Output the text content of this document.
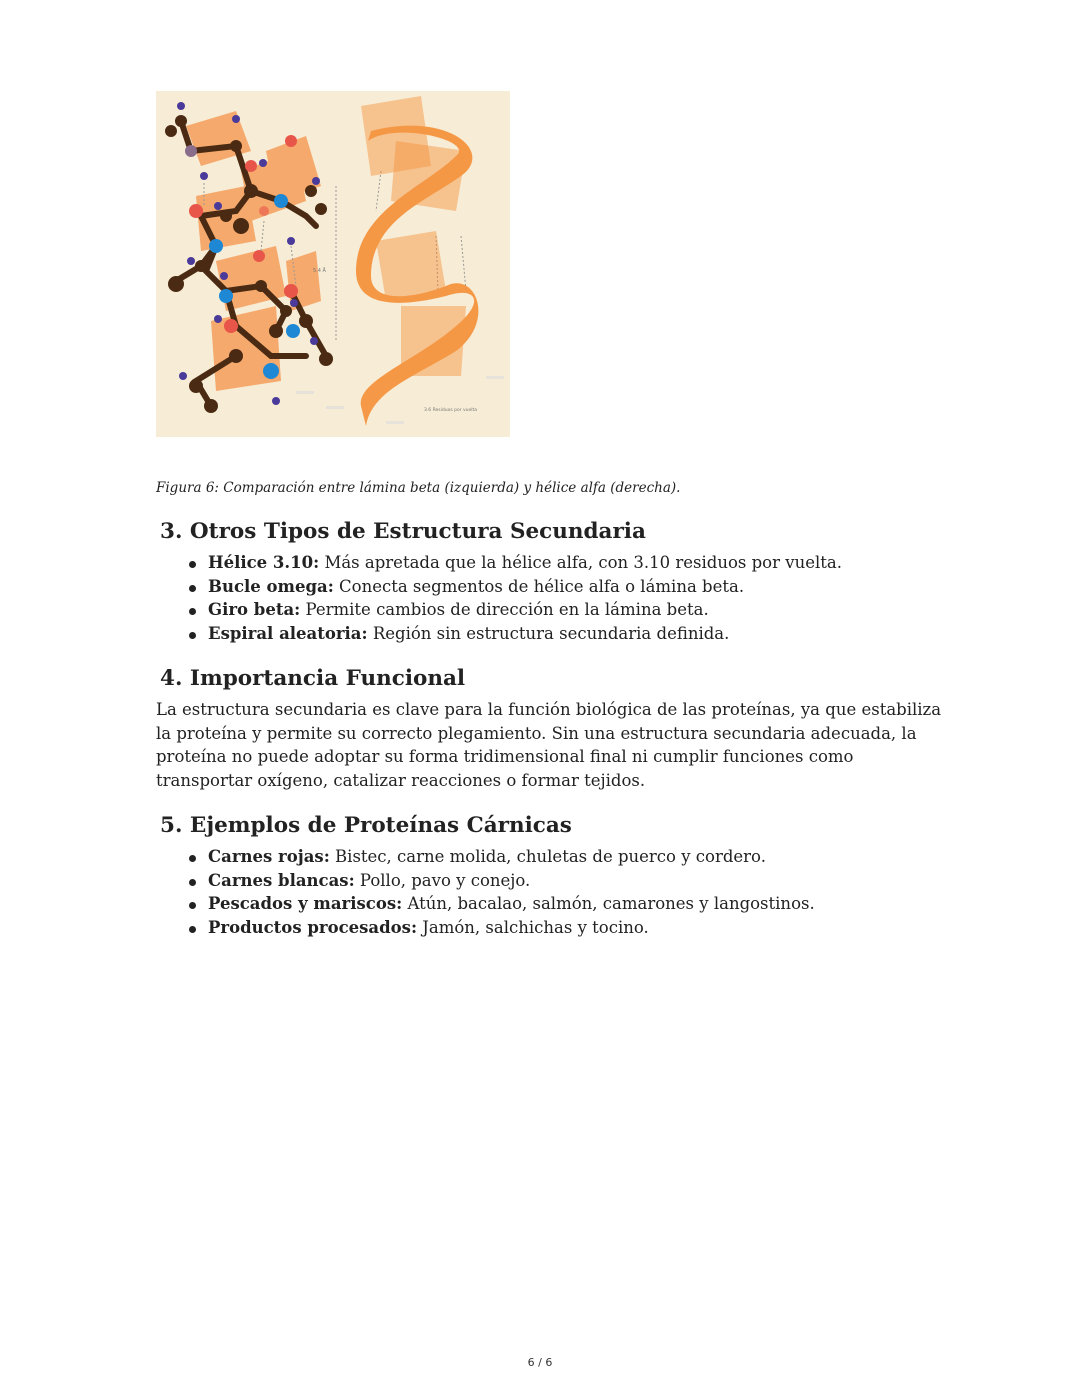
5.4 Å
3.6 Residuos por vuelta
Figura 6: Comparación entre lámina beta (izquierda) y hélice alfa (derecha).
3. Otros Tipos de Estructura Secundaria
Hélice 3.10: Más apretada que la hélice alfa, con 3.10 residuos por vuelta.
Bucle omega: Conecta segmentos de hélice alfa o lámina beta.
Giro beta: Permite cambios de dirección en la lámina beta.
Espiral aleatoria: Región sin estructura secundaria definida.
4. Importancia Funcional

La estructura secundaria es clave para la función biológica de las proteínas, ya que estabiliza la proteína y permite su correcto plegamiento. Sin una estructura secundaria adecuada, la proteína no puede adoptar su forma tridimensional final ni cumplir funciones como transportar oxígeno, catalizar reacciones o formar tejidos.

5. Ejemplos de Proteínas Cárnicas
Carnes rojas: Bistec, carne molida, chuletas de puerco y cordero.
Carnes blancas: Pollo, pavo y conejo.
Pescados y mariscos: Atún, bacalao, salmón, camarones y langostinos.
Productos procesados: Jamón, salchichas y tocino.
6 / 6
